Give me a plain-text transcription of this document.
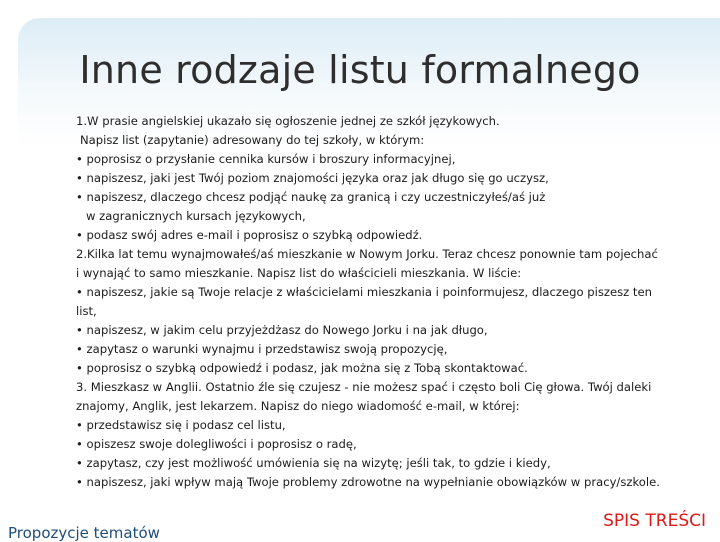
Inne rodzaje listu formalnego
1.W prasie angielskiej ukazało się ogłoszenie jednej ze szkół językowych.
Napisz list (zapytanie) adresowany do tej szkoły, w którym:
• poprosisz o przysłanie cennika kursów i broszury informacyjnej,
• napiszesz, jaki jest Twój poziom znajomości języka oraz jak długo się go uczysz,
• napiszesz, dlaczego chcesz podjąć naukę za granicą i czy uczestniczyłeś/aś już
w zagranicznych kursach językowych,
• podasz swój adres e-mail i poprosisz o szybką odpowiedź.
2.Kilka lat temu wynajmowałeś/aś mieszkanie w Nowym Jorku. Teraz chcesz ponownie tam pojechać
i wynająć to samo mieszkanie. Napisz list do właścicieli mieszkania. W liście:
• napiszesz, jakie są Twoje relacje z właścicielami mieszkania i poinformujesz, dlaczego piszesz ten
list,
• napiszesz, w jakim celu przyjeżdżasz do Nowego Jorku i na jak długo,
• zapytasz o warunki wynajmu i przedstawisz swoją propozycję,
• poprosisz o szybką odpowiedź i podasz, jak można się z Tobą skontaktować.
3. Mieszkasz w Anglii. Ostatnio źle się czujesz - nie możesz spać i często boli Cię głowa. Twój daleki
znajomy, Anglik, jest lekarzem. Napisz do niego wiadomość e-mail, w której:
• przedstawisz się i podasz cel listu,
• opiszesz swoje dolegliwości i poprosisz o radę,
• zapytasz, czy jest możliwość umówienia się na wizytę; jeśli tak, to gdzie i kiedy,
• napiszesz, jaki wpływ mają Twoje problemy zdrowotne na wypełnianie obowiązków w pracy/szkole.
Propozycje tematów
SPIS TREŚCI
